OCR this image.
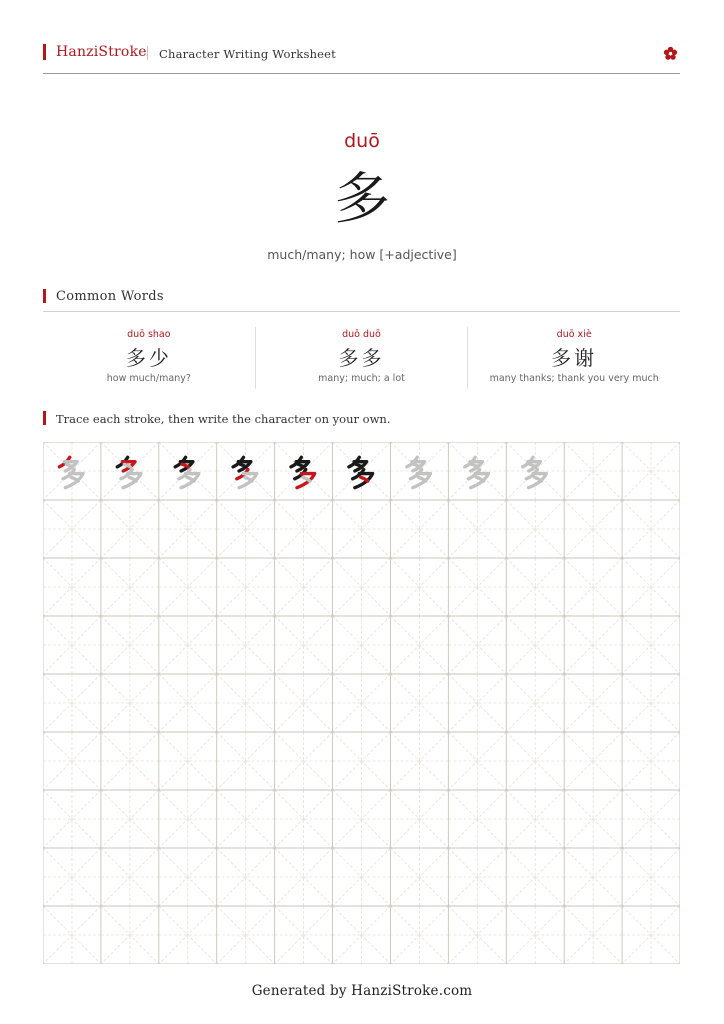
HanziStroke Character Writing Worksheet
duō
多
much/many; how [+adjective]
Common Words
duō shao
多少
how much/many?
duō duō
多多
many; much; a lot
duō xiè
多谢
many thanks; thank you very much
Trace each stroke, then write the character on your own.
Generated by HanziStroke.com
